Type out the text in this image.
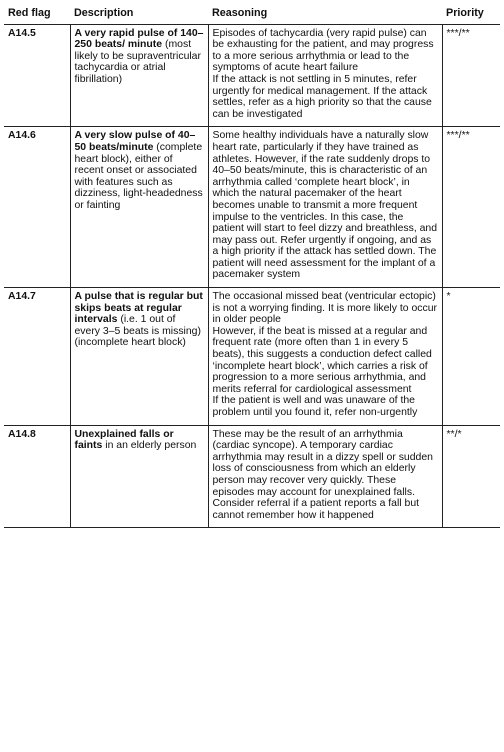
Red flag	Description	Reasoning	Priority
A14.5	A very rapid pulse of 140–250 beats/ minute (most likely to be supraventricular tachycardia or atrial fibrillation)	Episodes of tachycardia (very rapid pulse) can be exhausting for the patient, and may progress to a more serious arrhythmia or lead to the symptoms of acute heart failure
If the attack is not settling in 5 minutes, refer urgently for medical management. If the attack settles, refer as a high priority so that the cause can be investigated	***/**
A14.6	A very slow pulse of 40–50 beats/minute (complete heart block), either of recent onset or associated with features such as dizziness, light-headedness or fainting	Some healthy individuals have a naturally slow heart rate, particularly if they have trained as athletes. However, if the rate suddenly drops to 40–50 beats/minute, this is characteristic of an arrhythmia called ‘complete heart block’, in which the natural pacemaker of the heart becomes unable to transmit a more frequent impulse to the ventricles. In this case, the patient will start to feel dizzy and breathless, and may pass out. Refer urgently if ongoing, and as a high priority if the attack has settled down. The patient will need assessment for the implant of a pacemaker system	***/**
A14.7	A pulse that is regular but skips beats at regular intervals (i.e. 1 out of every 3–5 beats is missing) (incomplete heart block)	The occasional missed beat (ventricular ectopic) is not a worrying finding. It is more likely to occur in older people
However, if the beat is missed at a regular and frequent rate (more often than 1 in every 5 beats), this suggests a conduction defect called ‘incomplete heart block’, which carries a risk of progression to a more serious arrhythmia, and merits referral for cardiological assessment
If the patient is well and was unaware of the problem until you found it, refer non-urgently	*
A14.8	Unexplained falls or faints in an elderly person	These may be the result of an arrhythmia (cardiac syncope). A temporary cardiac arrhythmia may result in a dizzy spell or sudden loss of consciousness from which an elderly person may recover very quickly. These episodes may account for unexplained falls. Consider referral if a patient reports a fall but cannot remember how it happened	**/*
